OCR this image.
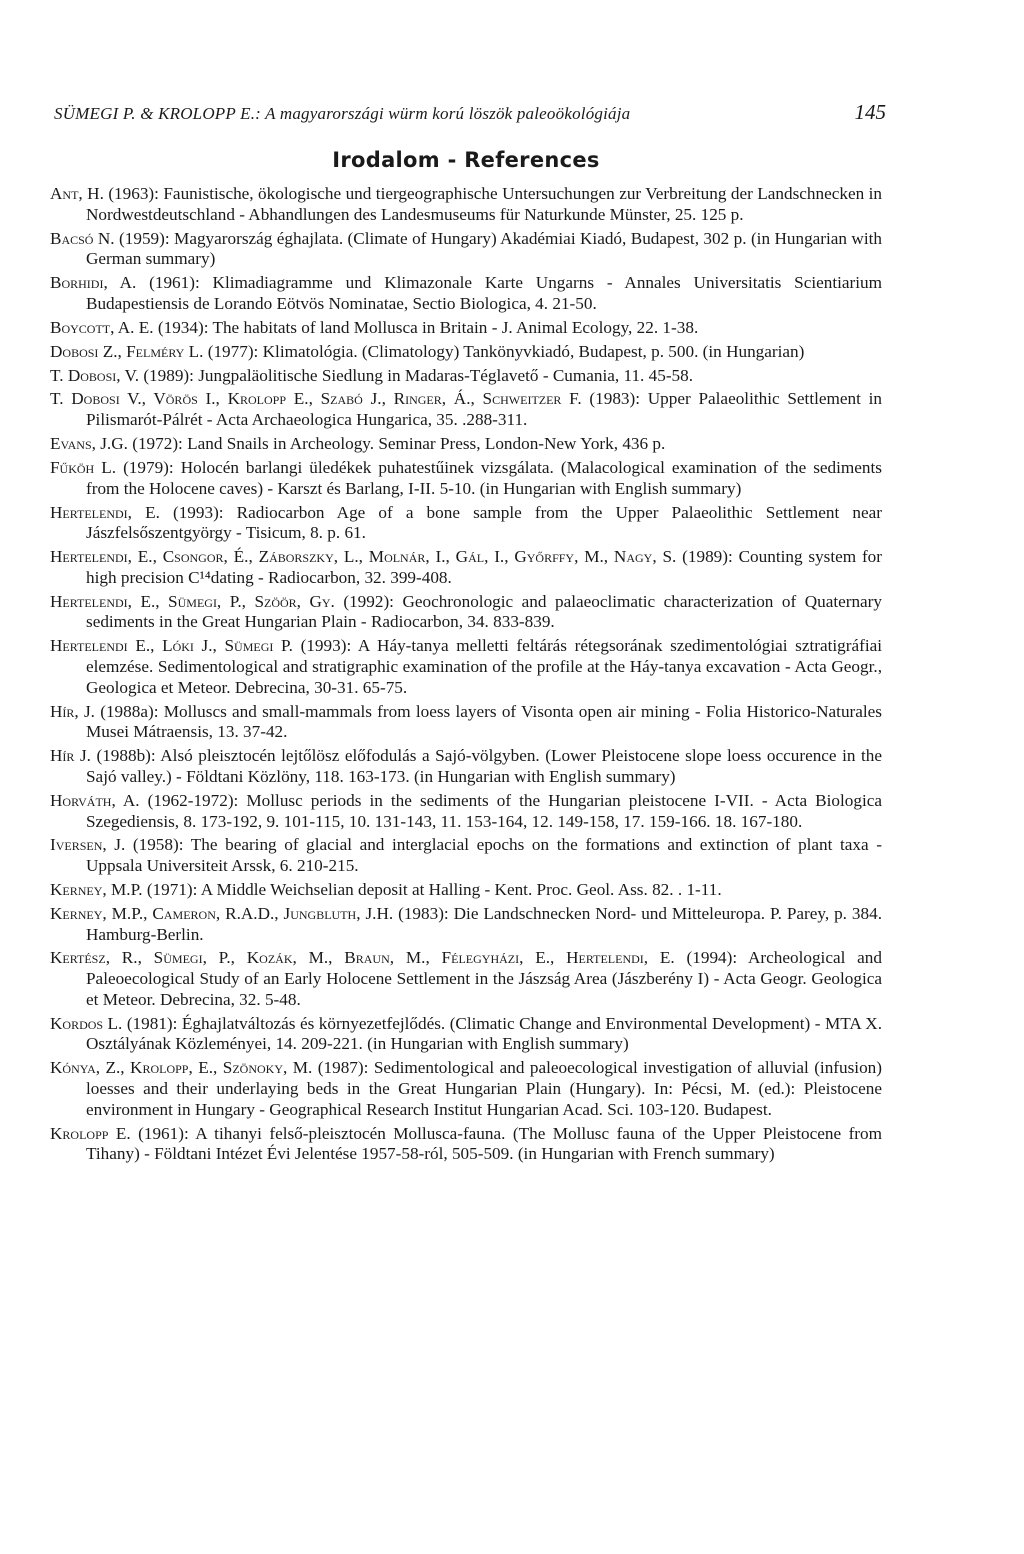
SÜMEGI P. & KROLOPP E.: A magyarországi würm korú löszök paleoökológiája	145
Irodalom - References

Ant, H. (1963): Faunistische, ökologische und tiergeographische Untersuchungen zur Verbreitung der Landschnecken in Nordwestdeutschland - Abhandlungen des Landesmuseums für Naturkunde Münster, 25. 125 p.

Bacsó N. (1959): Magyarország éghajlata. (Climate of Hungary) Akadémiai Kiadó, Budapest, 302 p. (in Hungarian with German summary)

Borhidi, A. (1961): Klimadiagramme und Klimazonale Karte Ungarns - Annales Universitatis Scientiarium Budapestiensis de Lorando Eötvös Nominatae, Sectio Biologica, 4. 21-50.

Boycott, A. E. (1934): The habitats of land Mollusca in Britain - J. Animal Ecology, 22. 1-38.

Dobosi Z., Felméry L. (1977): Klimatológia. (Climatology) Tankönyvkiadó, Budapest, p. 500. (in Hungarian)

T. Dobosi, V. (1989): Jungpaläolitische Siedlung in Madaras-Téglavető - Cumania, 11. 45-58.

T. Dobosi V., Vörös I., Krolopp E., Szabó J., Ringer, Á., Schweitzer F. (1983): Upper Palaeolithic Settlement in Pilismarót-Pálrét - Acta Archaeologica Hungarica, 35. .288-311.

Evans, J.G. (1972): Land Snails in Archeology. Seminar Press, London-New York, 436 p.

Fűköh L. (1979): Holocén barlangi üledékek puhatestűinek vizsgálata. (Malacological examination of the sediments from the Holocene caves) - Karszt és Barlang, I-II. 5-10. (in Hungarian with English summary)

Hertelendi, E. (1993): Radiocarbon Age of a bone sample from the Upper Palaeolithic Settlement near Jászfelsőszentgyörgy - Tisicum, 8. p. 61.

Hertelendi, E., Csongor, É., Záborszky, L., Molnár, I., Gál, I., Győrffy, M., Nagy, S. (1989): Counting system for high precision C¹⁴dating - Radiocarbon, 32. 399-408.

Hertelendi, E., Sümegi, P., Szöör, Gy. (1992): Geochronologic and palaeoclimatic characterization of Quaternary sediments in the Great Hungarian Plain - Radiocarbon, 34. 833-839.

Hertelendi E., Lóki J., Sümegi P. (1993): A Háy-tanya melletti feltárás rétegsorának szedimentológiai sztratigráfiai elemzése. Sedimentological and stratigraphic examination of the profile at the Háy-tanya excavation - Acta Geogr., Geologica et Meteor. Debrecina, 30-31. 65-75.

Hír, J. (1988a): Molluscs and small-mammals from loess layers of Visonta open air mining - Folia Historico-Naturales Musei Mátraensis, 13. 37-42.

Hír J. (1988b): Alsó pleisztocén lejtőlösz előfodulás a Sajó-völgyben. (Lower Pleistocene slope loess occurence in the Sajó valley.) - Földtani Közlöny, 118. 163-173. (in Hungarian with English summary)

Horváth, A. (1962-1972): Mollusc periods in the sediments of the Hungarian pleistocene I-VII. - Acta Biologica Szegediensis, 8. 173-192, 9. 101-115, 10. 131-143, 11. 153-164, 12. 149-158, 17. 159-166. 18. 167-180.

Iversen, J. (1958): The bearing of glacial and interglacial epochs on the formations and extinction of plant taxa - Uppsala Universiteit Arssk, 6. 210-215.

Kerney, M.P. (1971): A Middle Weichselian deposit at Halling - Kent. Proc. Geol. Ass. 82. . 1-11.

Kerney, M.P., Cameron, R.A.D., Jungbluth, J.H. (1983): Die Landschnecken Nord- und Mitteleuropa. P. Parey, p. 384. Hamburg-Berlin.

Kertész, R., Sümegi, P., Kozák, M., Braun, M., Félegyházi, E., Hertelendi, E. (1994): Archeological and Paleoecological Study of an Early Holocene Settlement in the Jászság Area (Jászberény I) - Acta Geogr. Geologica et Meteor. Debrecina, 32. 5-48.

Kordos L. (1981): Éghajlatváltozás és környezetfejlődés. (Climatic Change and Environmental Development) - MTA X. Osztályának Közleményei, 14. 209-221. (in Hungarian with English summary)

Kónya, Z., Krolopp, E., Szönoky, M. (1987): Sedimentological and paleoecological investigation of alluvial (infusion) loesses and their underlaying beds in the Great Hungarian Plain (Hungary). In: Pécsi, M. (ed.): Pleistocene environment in Hungary - Geographical Research Institut Hungarian Acad. Sci. 103-120. Budapest.

Krolopp E. (1961): A tihanyi felső-pleisztocén Mollusca-fauna. (The Mollusc fauna of the Upper Pleistocene from Tihany) - Földtani Intézet Évi Jelentése 1957-58-ról, 505-509. (in Hungarian with French summary)
